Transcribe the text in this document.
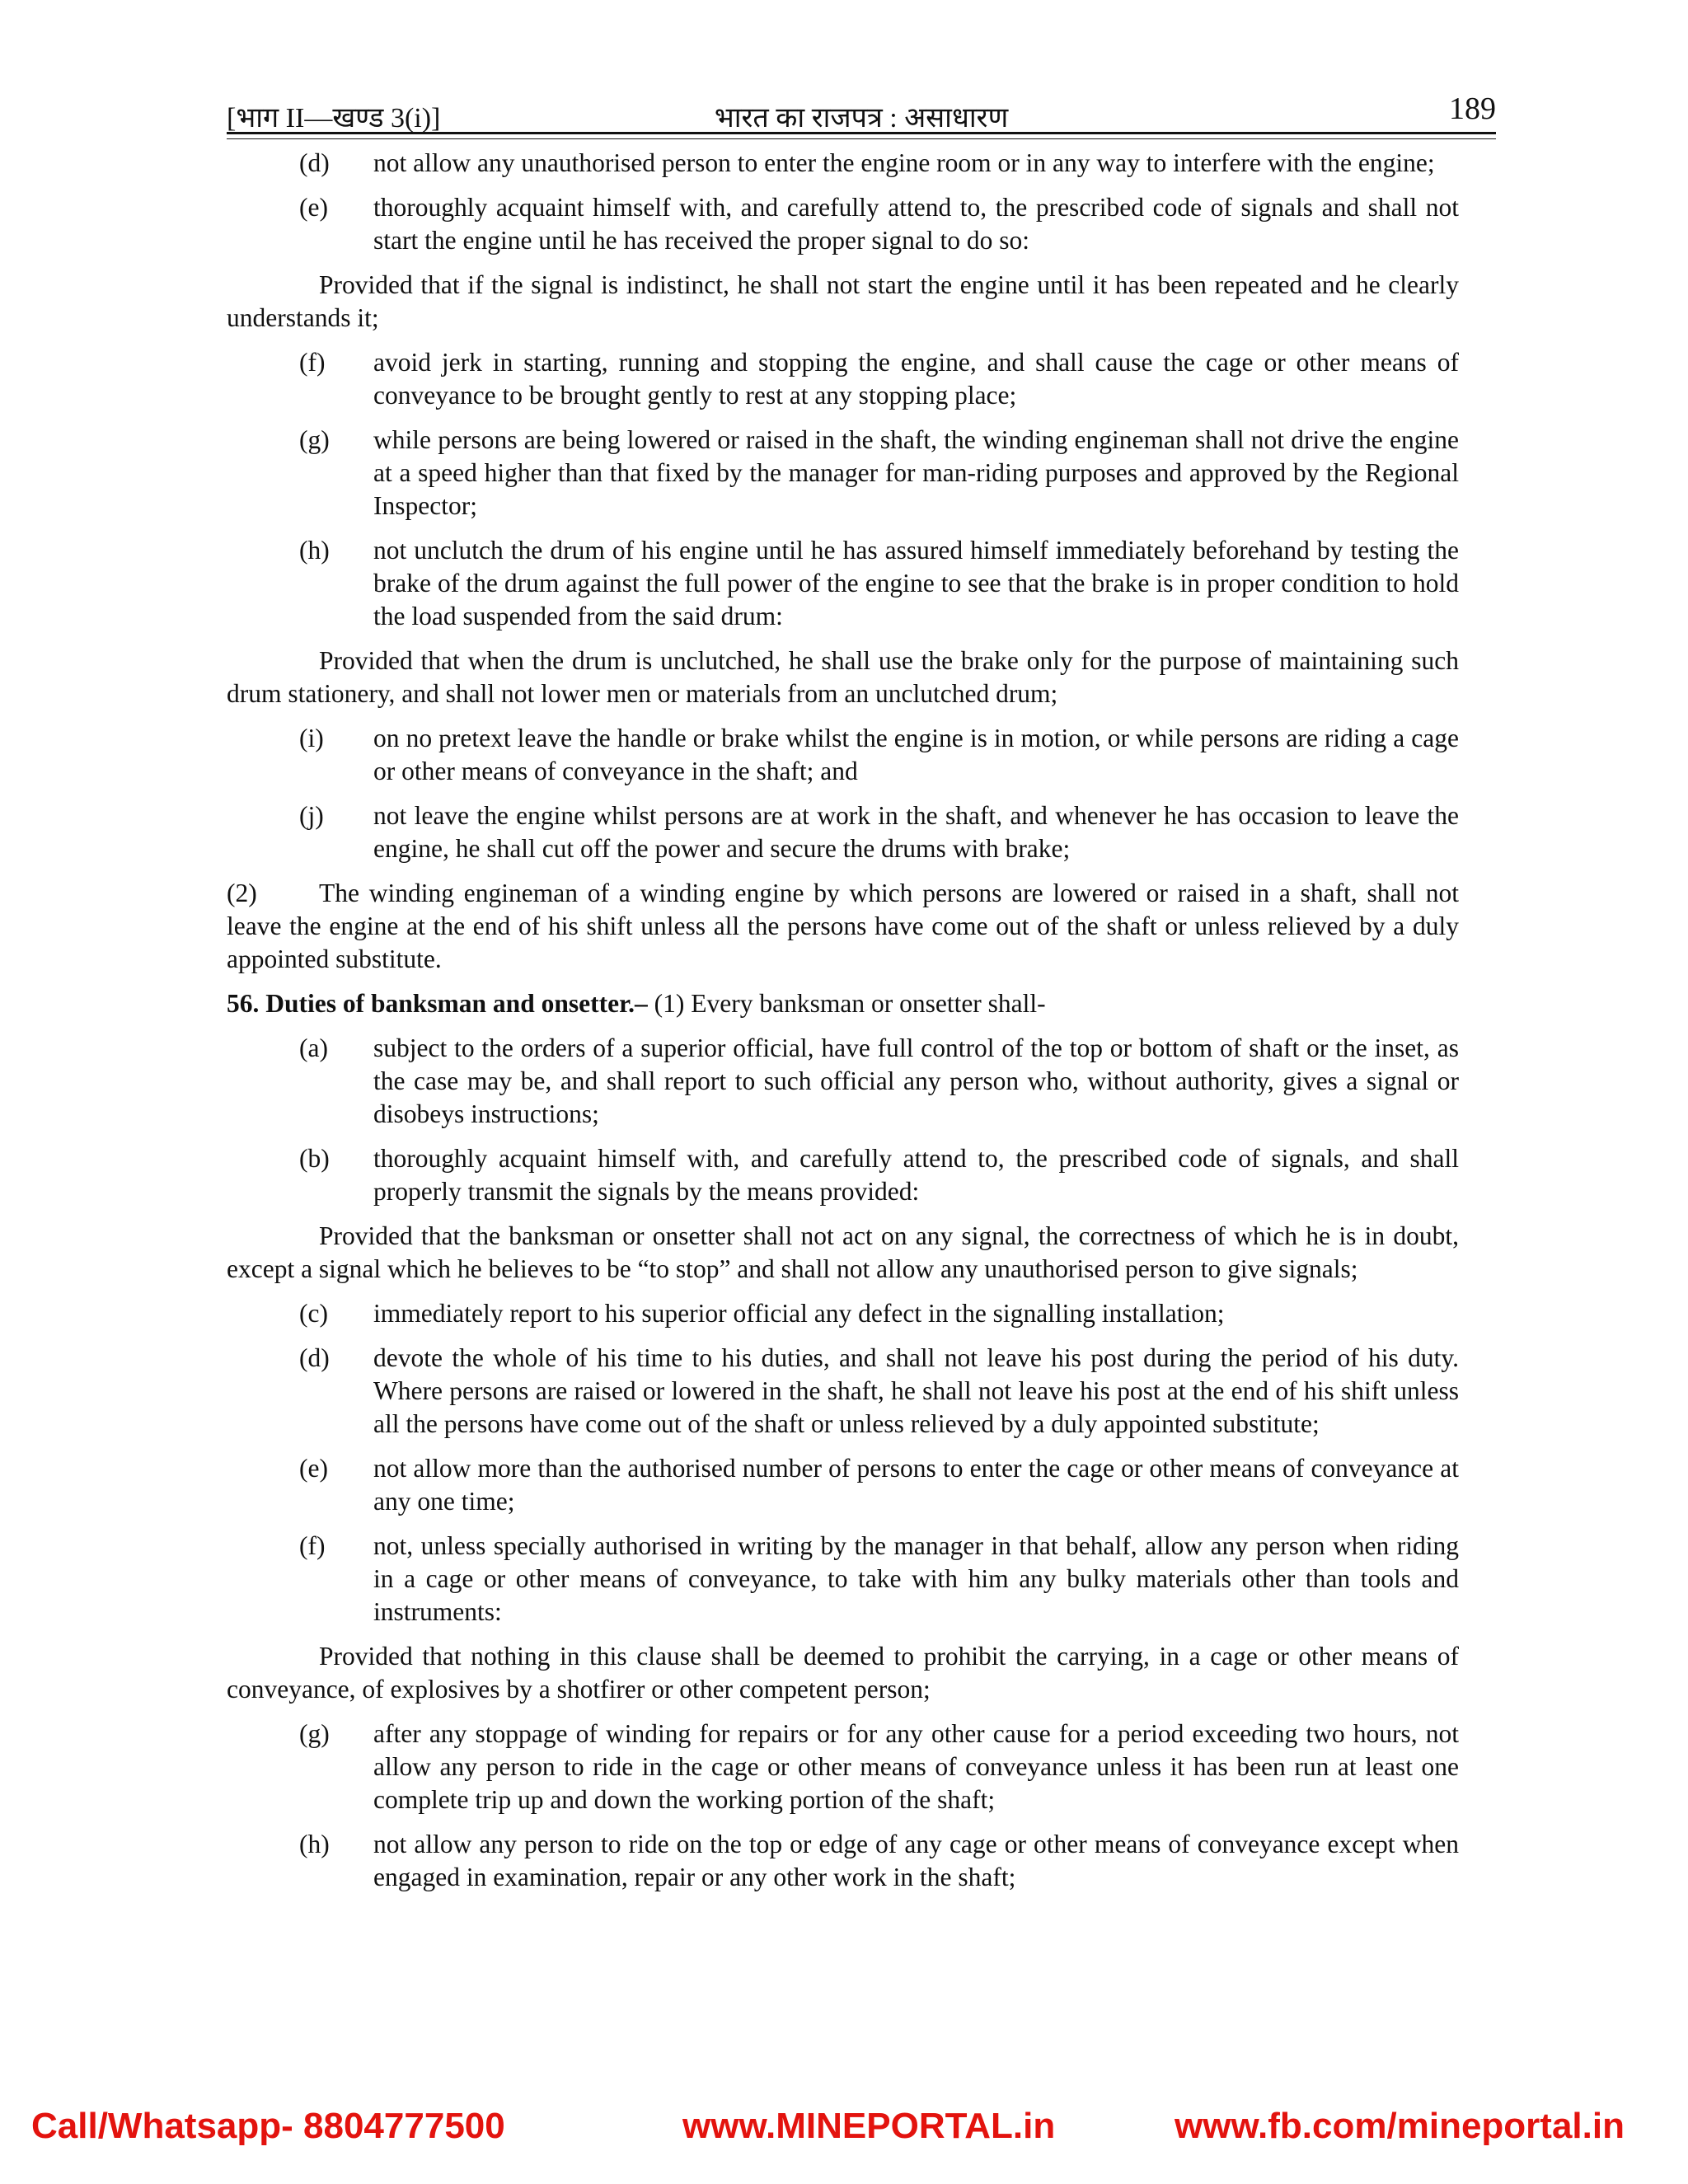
[भाग II—खण्ड 3(i)]	भारत का राजपत्र : असाधारण	189
(d) not allow any unauthorised person to enter the engine room or in any way to interfere with the engine;
(e) thoroughly acquaint himself with, and carefully attend to, the prescribed code of signals and shall not start the engine until he has received the proper signal to do so:
Provided that if the signal is indistinct, he shall not start the engine until it has been repeated and he clearly understands it;
(f) avoid jerk in starting, running and stopping the engine, and shall cause the cage or other means of conveyance to be brought gently to rest at any stopping place;
(g) while persons are being lowered or raised in the shaft, the winding engineman shall not drive the engine at a speed higher than that fixed by the manager for man-riding purposes and approved by the Regional Inspector;
(h) not unclutch the drum of his engine until he has assured himself immediately beforehand by testing the brake of the drum against the full power of the engine to see that the brake is in proper condition to hold the load suspended from the said drum:
Provided that when the drum is unclutched, he shall use the brake only for the purpose of maintaining such drum stationery, and shall not lower men or materials from an unclutched drum;
(i) on no pretext leave the handle or brake whilst the engine is in motion, or while persons are riding a cage or other means of conveyance in the shaft; and
(j) not leave the engine whilst persons are at work in the shaft, and whenever he has occasion to leave the engine, he shall cut off the power and secure the drums with brake;
(2) The winding engineman of a winding engine by which persons are lowered or raised in a shaft, shall not leave the engine at the end of his shift unless all the persons have come out of the shaft or unless relieved by a duly appointed substitute.
56. Duties of banksman and onsetter.– (1) Every banksman or onsetter shall-
(a) subject to the orders of a superior official, have full control of the top or bottom of shaft or the inset, as the case may be, and shall report to such official any person who, without authority, gives a signal or disobeys instructions;
(b) thoroughly acquaint himself with, and carefully attend to, the prescribed code of signals, and shall properly transmit the signals by the means provided:
Provided that the banksman or onsetter shall not act on any signal, the correctness of which he is in doubt, except a signal which he believes to be “to stop” and shall not allow any unauthorised person to give signals;
(c) immediately report to his superior official any defect in the signalling installation;
(d) devote the whole of his time to his duties, and shall not leave his post during the period of his duty. Where persons are raised or lowered in the shaft, he shall not leave his post at the end of his shift unless all the persons have come out of the shaft or unless relieved by a duly appointed substitute;
(e) not allow more than the authorised number of persons to enter the cage or other means of conveyance at any one time;
(f) not, unless specially authorised in writing by the manager in that behalf, allow any person when riding in a cage or other means of conveyance, to take with him any bulky materials other than tools and instruments:
Provided that nothing in this clause shall be deemed to prohibit the carrying, in a cage or other means of conveyance, of explosives by a shotfirer or other competent person;
(g) after any stoppage of winding for repairs or for any other cause for a period exceeding two hours, not allow any person to ride in the cage or other means of conveyance unless it has been run at least one complete trip up and down the working portion of the shaft;
(h) not allow any person to ride on the top or edge of any cage or other means of conveyance except when engaged in examination, repair or any other work in the shaft;
Call/Whatsapp- 8804777500	www.MINEPORTAL.in	www.fb.com/mineportal.in
